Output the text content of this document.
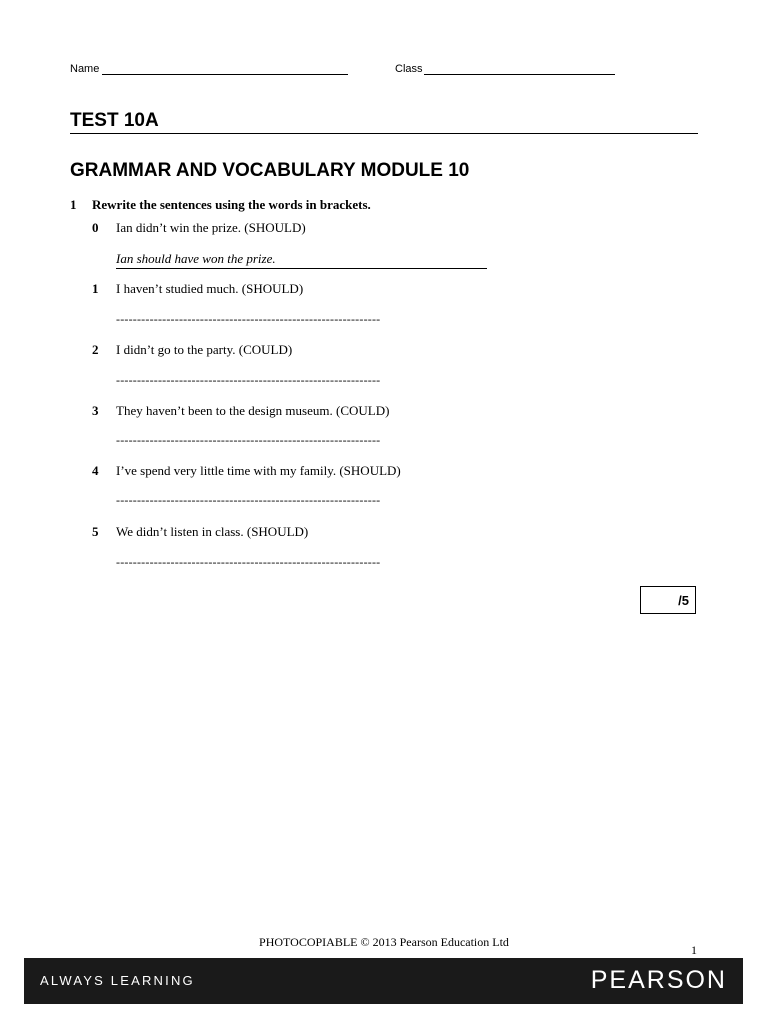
Name	Class
TEST 10A
GRAMMAR AND VOCABULARY MODULE 10
1 Rewrite the sentences using the words in brackets.
0 Ian didn’t win the prize. (SHOULD)
Ian should have won the prize.
1 I haven’t studied much. (SHOULD)
---------------------------------------------------------------
2 I didn’t go to the party. (COULD)
---------------------------------------------------------------
3 They haven’t been to the design museum. (COULD)
---------------------------------------------------------------
4 I’ve spend very little time with my family. (SHOULD)
---------------------------------------------------------------
5 We didn’t listen in class. (SHOULD)
---------------------------------------------------------------
/5
PHOTOCOPIABLE © 2013 Pearson Education Ltd
1
ALWAYS LEARNING	PEARSON
